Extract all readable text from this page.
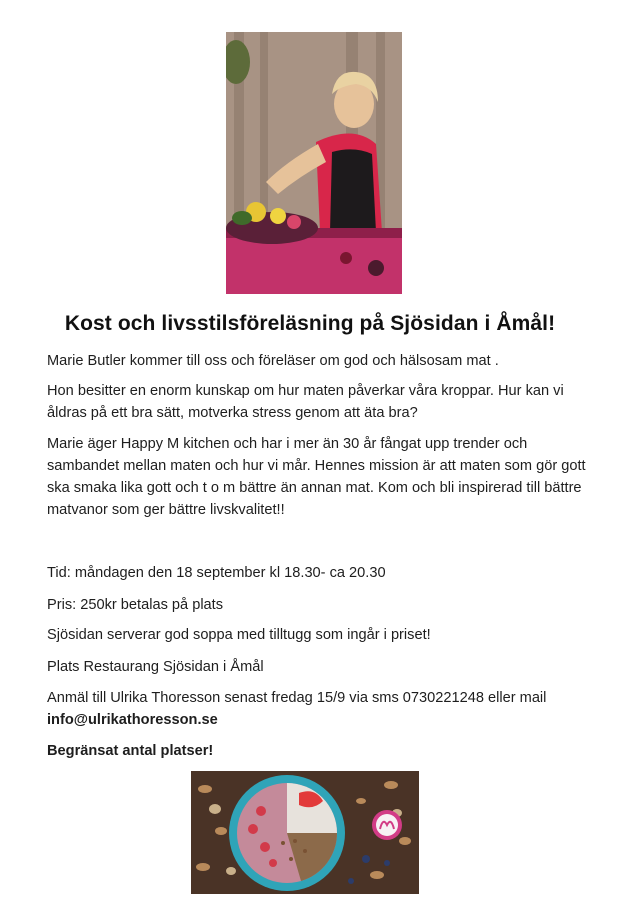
Kost och livsstilsföreläsning på Sjösidan i Åmål!

Marie Butler kommer till oss och föreläser om god och hälsosam mat .

Hon besitter en enorm kunskap om hur maten påverkar våra kroppar. Hur kan vi åldras på ett bra sätt, motverka stress genom att äta bra?

Marie äger Happy M kitchen och har i mer än 30 år fångat upp trender och sambandet mellan maten och hur vi mår. Hennes mission är att maten som gör gott ska smaka lika gott och t o m bättre än annan mat. Kom och bli inspirerad till bättre matvanor som ger bättre livskvalitet!!

Tid: måndagen den 18 september kl 18.30- ca 20.30

Pris: 250kr betalas på plats

Sjösidan serverar god soppa med tilltugg som ingår i priset!

Plats Restaurang Sjösidan i Åmål

Anmäl till Ulrika Thoresson senast fredag 15/9 via sms 0730221248 eller mail
info@ulrikathoresson.se

Begränsat antal platser!
